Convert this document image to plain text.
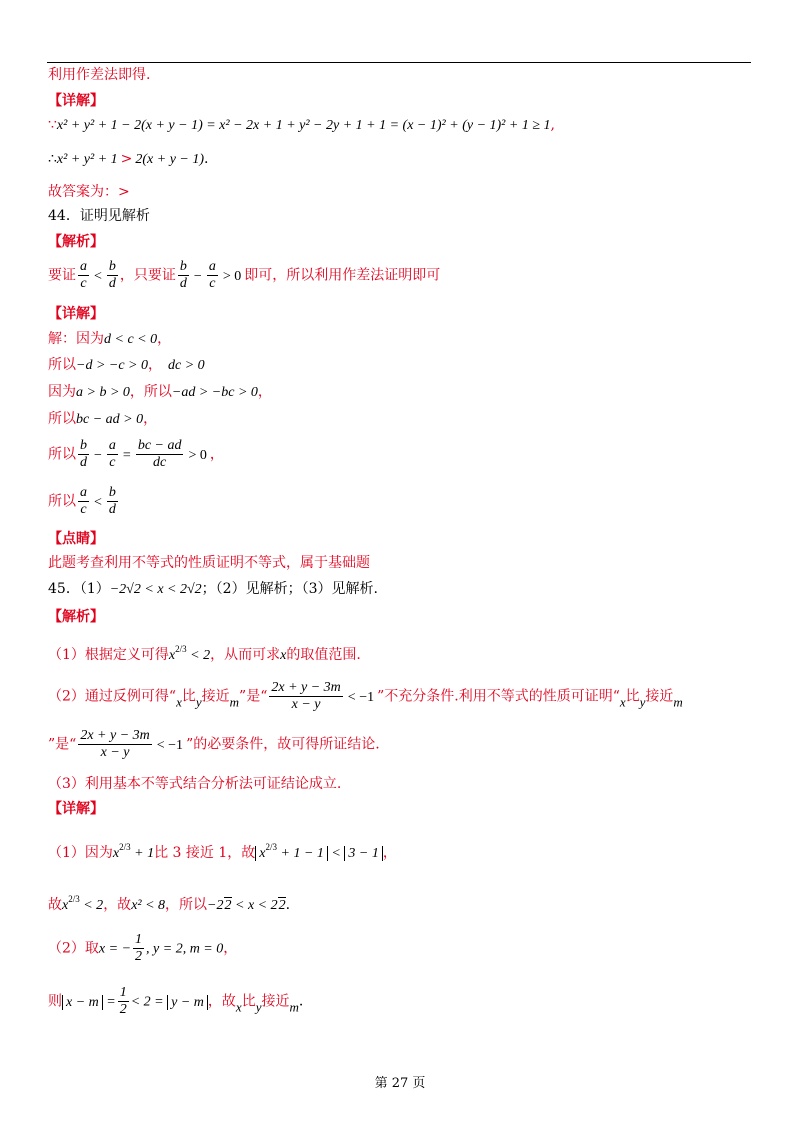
利用作差法即得.
【详解】
∵x² + y² + 1 − 2(x + y − 1) = x² − 2x + 1 + y² − 2y + 1 + 1 = (x − 1)² + (y − 1)² + 1 ≥ 1,
∴x² + y² + 1 > 2(x + y − 1).
故答案为：>
44．证明见解析
【解析】
要证 $\frac{a}{c} < \frac{b}{d}$ ，只要证 $\frac{b}{d} - \frac{a}{c} > 0$ 即可，所以利用作差法证明即可
【详解】
解：因为d < c < 0，
所以−d > −c > 0， dc > 0
因为a > b > 0，所以−ad > −bc > 0，
所以bc − ad > 0，
所以 $\frac{b}{d} - \frac{a}{c} = \frac{bc - ad}{dc} > 0$ ，
所以 $\frac{a}{c} < \frac{b}{d}$
【点睛】
此题考查利用不等式的性质证明不等式，属于基础题
45．（1）−2√2 < x < 2√2；（2）见解析；（3）见解析.
【解析】
（1）根据定义可得$x^{2/3} < 2$，从而可求x的取值范围.
（2）通过反例可得“x比y接近m”是“ $\frac{2x + y - 3m}{x - y} < -1$ ”不充分条件.利用不等式的性质可证明“x比y接近m
”是“ $\frac{2x + y - 3m}{x - y} < -1$ ”的必要条件，故可得所证结论.
（3）利用基本不等式结合分析法可证结论成立.
【详解】
（1）因为$x^{2/3} + 1$比 3 接近 1，故 $x^{2/3} + 1 - 1 < 3 - 1$ ，
故$x^{2/3} < 2$，故x² < 8，所以−22 < x < 22.
（2）取x = − $\frac{1}{2}$ , y = 2, m = 0，
则 $x - m = \frac{1}{2} < 2 = y - m$ ，故x比y接近m.
第 27 页
